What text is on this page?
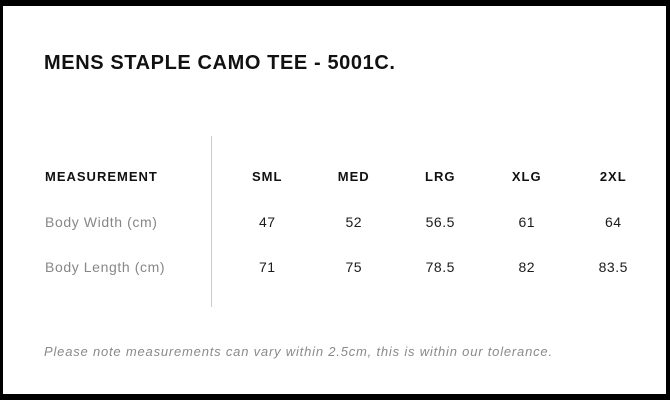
MENS STAPLE CAMO TEE - 5001C.
MEASUREMENT	SML	MED	LRG	XLG	2XL
Body Width (cm)	47	52	56.5	61	64
Body Length (cm)	71	75	78.5	82	83.5

Please note measurements can vary within 2.5cm, this is within our tolerance.
